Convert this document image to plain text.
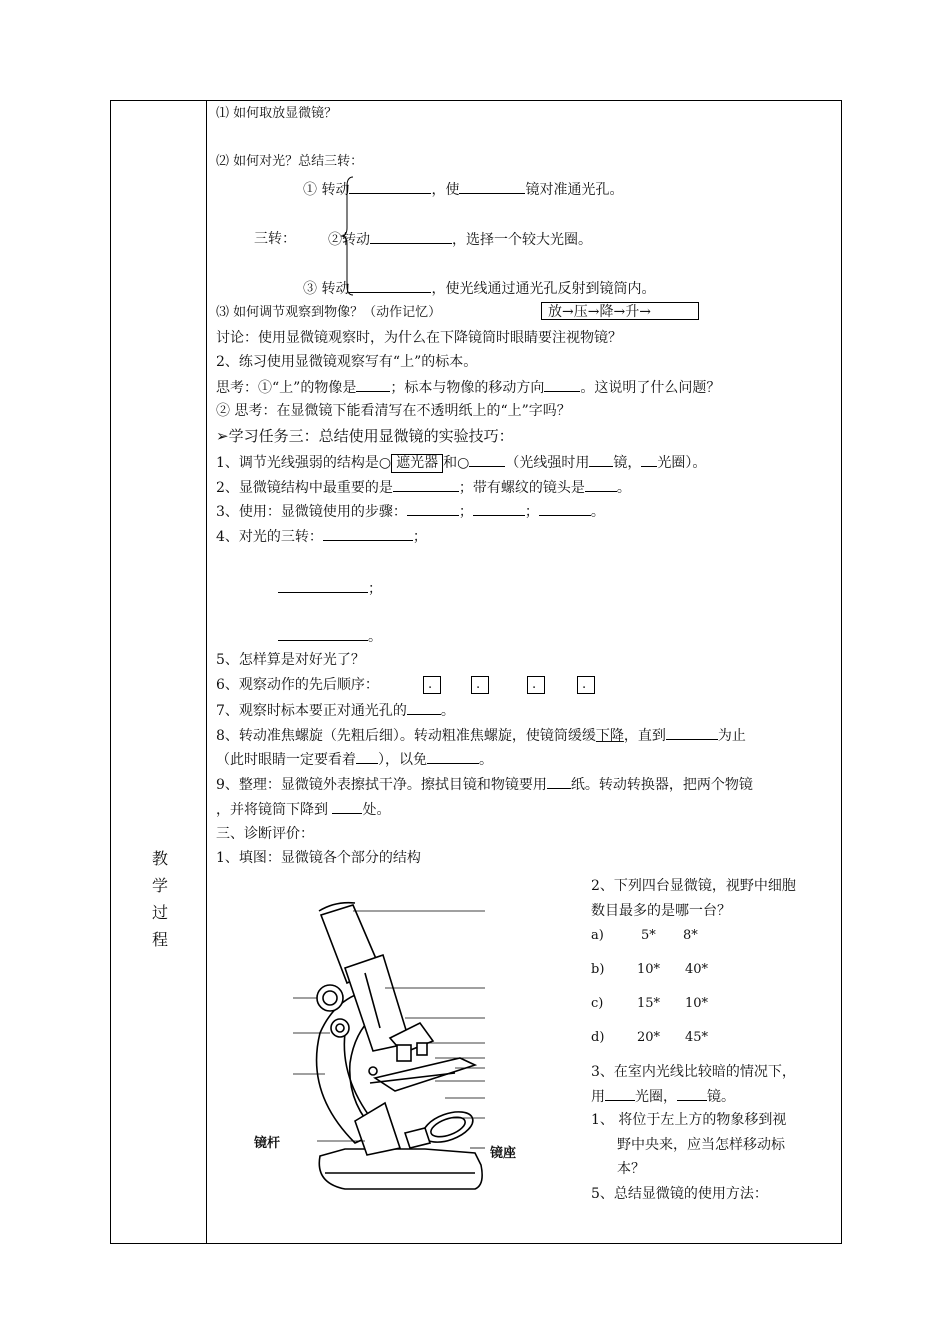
教
学
过
程
⑴ 如何取放显微镜？
⑵ 如何对光？总结三转：
① 转动	，使	镜对准通光孔。
三转： ②转动	，选择一个较大光圈。
③ 转动	，使光线通过通光孔反射到镜筒内。
⑶ 如何调节观察到物像？（动作记忆）	放→压→降→升→
讨论：使用显微镜观察时，为什么在下降镜筒时眼睛要注视物镜？
2、练习使用显微镜观察写有“上”的标本。
思考：①“上”的物像是 ；标本与物像的移动方向	。这说明了什么问题？
② 思考：在显微镜下能看清写在不透明纸上的“上”字吗？
➢学习任务三：总结使用显微镜的实验技巧：
1、调节光线强弱的结构是○ 遮光器 和○	（光线强时用 镜， 光圈）。
2、显微镜结构中最重要的是	；带有螺纹的镜头是 。
3、使用：显微镜使用的步骤：	；	；	。
4、对光的三转：	；
；
。
5、怎样算是对好光了？
6、观察动作的先后顺序：	.	.	.	.
7、观察时标本要正对通光孔的 。
8、转动准焦螺旋（先粗后细）。转动粗准焦螺旋，使镜筒缓缓下降，直到	为止
（此时眼睛一定要看着 ），以免	。
9、整理：显微镜外表擦拭干净。擦拭目镜和物镜要用 纸。转动转换器，把两个物镜
，并将镜筒下降到 处。
三、诊断评价：
1、填图：显微镜各个部分的结构
镜杆
镜座
2、下列四台显微镜，视野中细胞
数目最多的是哪一台？
a)	5* 8*
b)	10* 40*
c)	15* 10*
d)	20* 45*
3、在室内光线比较暗的情况下，
用 光圈， 镜。
1、 将位于左上方的物象移到视
野中央来，应当怎样移动标
本？
5、总结显微镜的使用方法：
